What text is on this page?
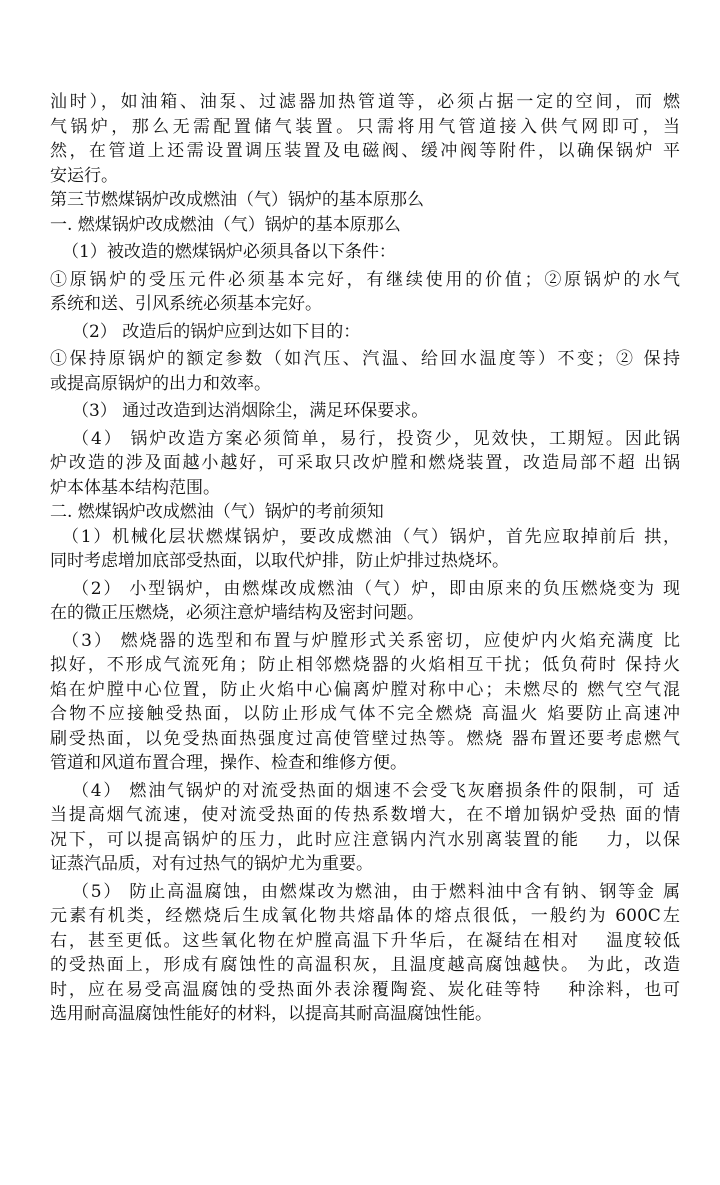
汕时），如油箱、油泵、过滤器加热管道等，必须占据一定的空间，而 燃
气锅炉，那么无需配置储气装置。只需将用气管道接入供气网即可，当
然，在管道上还需设置调压装置及电磁阀、缓冲阀等附件，以确保锅炉 平
安运行。
第三节燃煤锅炉改成燃油（气）锅炉的基本原那么
一. 燃煤锅炉改成燃油（气）锅炉的基本原那么
（1）被改造的燃煤锅炉必须具备以下条件：
①原锅炉的受压元件必须基本完好，有继续使用的价值；②原锅炉的水气
系统和送、引风系统必须基本完好。
（2） 改造后的锅炉应到达如下目的：
①保持原锅炉的额定参数（如汽压、汽温、给回水温度等）不变；② 保持
或提高原锅炉的出力和效率。
（3） 通过改造到达消烟除尘，满足环保要求。
（4） 锅炉改造方案必须简单，易行，投资少，见效快，工期短。因此锅
炉改造的涉及面越小越好，可采取只改炉膛和燃烧装置，改造局部不超 出锅
炉本体基本结构范围。
二. 燃煤锅炉改成燃油（气）锅炉的考前须知
（1）机械化层状燃煤锅炉，要改成燃油（气）锅炉，首先应取掉前后 拱，
同时考虑增加底部受热面，以取代炉排，防止炉排过热烧坏。
（2） 小型锅炉，由燃煤改成燃油（气）炉，即由原来的负压燃烧变为 现
在的微正压燃烧，必须注意炉墙结构及密封问题。
（3） 燃烧器的选型和布置与炉膛形式关系密切，应使炉内火焰充满度 比
拟好，不形成气流死角；防止相邻燃烧器的火焰相互干扰；低负荷时 保持火
焰在炉膛中心位置，防止火焰中心偏离炉膛对称中心；未燃尽的 燃气空气混
合物不应接触受热面，以防止形成气体不完全燃烧 高温火 焰要防止高速冲
刷受热面，以免受热面热强度过高使管壁过热等。燃烧 器布置还要考虑燃气
管道和风道布置合理，操作、检查和维修方便。
（4） 燃油气锅炉的对流受热面的烟速不会受飞灰磨损条件的限制，可 适
当提高烟气流速，使对流受热面的传热系数增大，在不增加锅炉受热 面的情
况下，可以提高锅炉的压力，此时应注意锅内汽水别离装置的能　 力，以保
证蒸汽品质，对有过热气的锅炉尤为重要。
（5） 防止高温腐蚀，由燃煤改为燃油，由于燃料油中含有钠、钢等金 属
元素有机类，经燃烧后生成氧化物共熔晶体的熔点很低，一般约为 600C左
右，甚至更低。这些氧化物在炉膛高温下升华后，在凝结在相对　 温度较低
的受热面上，形成有腐蚀性的高温积灰，且温度越高腐蚀越快。 为此，改造
时，应在易受高温腐蚀的受热面外表涂覆陶瓷、炭化硅等特　 种涂料，也可
选用耐高温腐蚀性能好的材料，以提高其耐高温腐蚀性能。
